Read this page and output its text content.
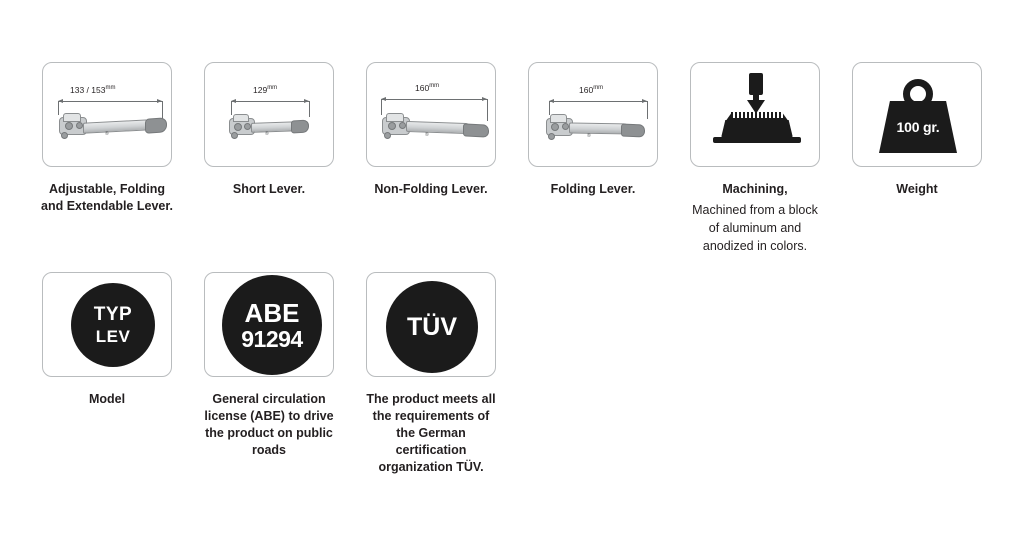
$133 / 153^{mm}$
®
Adjustable, Folding
and Extendable Lever.
$129^{mm}$
®
Short Lever.
$160^{mm}$
®
Non-Folding Lever.
$160^{mm}$
®
Folding Lever.	Machining,
Machined from a block
of aluminum and
anodized in colors.
100 gr.
Weight
TYP
LEV
Model
ABE
91294
General circulation
license (ABE) to drive
the product on public
roads
TÜV
The product meets all
the requirements of
the German
certification
organization TÜV.
